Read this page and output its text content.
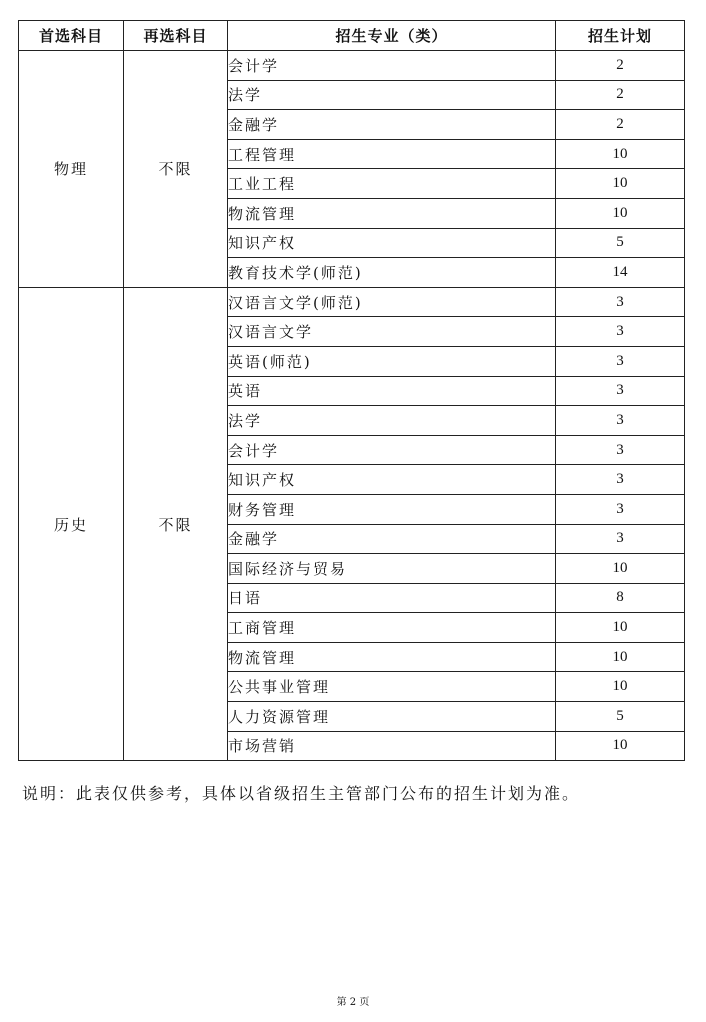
首选科目	再选科目	招生专业（类）	招生计划
物理	不限	会计学	2
		法学	2
		金融学	2
		工程管理	10
		工业工程	10
		物流管理	10
		知识产权	5
		教育技术学(师范)	14
历史	不限	汉语言文学(师范)	3
		汉语言文学	3
		英语(师范)	3
		英语	3
		法学	3
		会计学	3
		知识产权	3
		财务管理	3
		金融学	3
		国际经济与贸易	10
		日语	8
		工商管理	10
		物流管理	10
		公共事业管理	10
		人力资源管理	5
		市场营销	10
说明：此表仅供参考，具体以省级招生主管部门公布的招生计划为准。
第 2 页
